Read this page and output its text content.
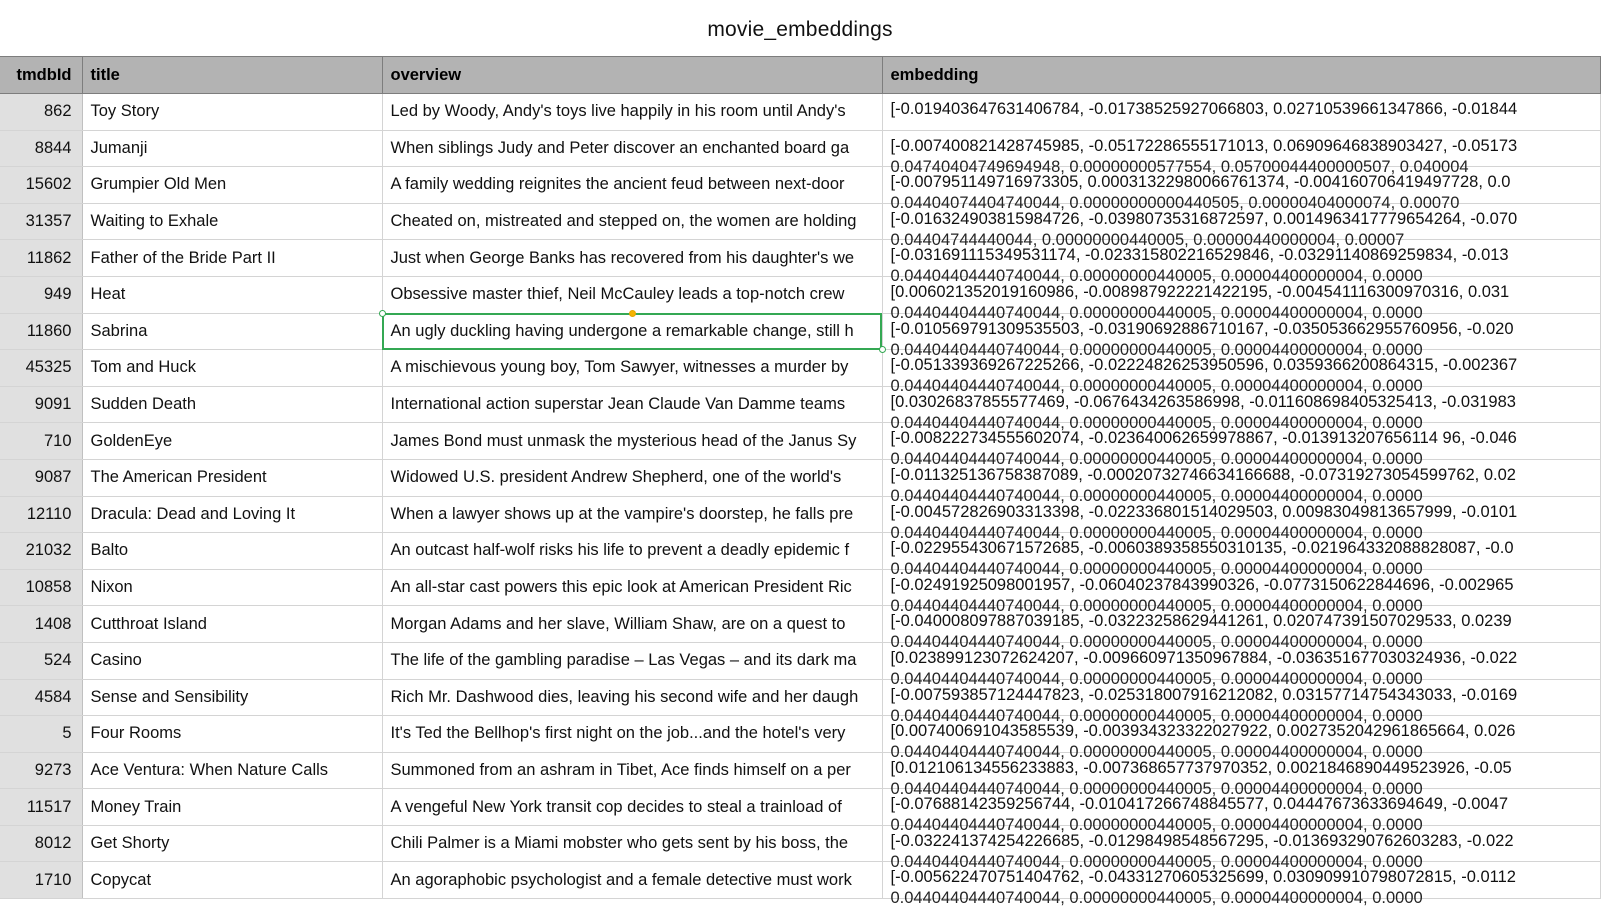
movie_embeddings
tmdbId	title	overview	embedding
862	Toy Story	Led by Woody, Andy's toys live happily in his room until Andy's	[-0.019403647631406784, -0.01738525927066803, 0.02710539661347866, -0.01844

8844	Jumanji	When siblings Judy and Peter discover an enchanted board ga	[-0.007400821428745985, -0.05172286555171013, 0.06909646838903427, -0.05173
0.04740404749694948, 0.00000000577554, 0.05700044400000507, 0.040004

15602	Grumpier Old Men	A family wedding reignites the ancient feud between next-door	[-0.007951149716973305, 0.00031322980066761374, -0.004160706419497728, 0.0
0.04404074404740044, 0.00000000000440505, 0.00000404000074, 0.00070

31357	Waiting to Exhale	Cheated on, mistreated and stepped on, the women are holding	[-0.016324903815984726, -0.03980735316872597, 0.0014963417779654264, -0.070
0.04404744440044, 0.00000000440005, 0.00000440000004, 0.00007

11862	Father of the Bride Part II	Just when George Banks has recovered from his daughter's we	[-0.031691115349531174, -0.023315802216529846, -0.03291140869259834, -0.013
0.04404404440740044, 0.00000000440005, 0.00004400000004, 0.0000

949	Heat	Obsessive master thief, Neil McCauley leads a top-notch crew	[0.006021352019160986, -0.008987922221422195, -0.004541116300970316, 0.031
0.04404404440740044, 0.00000000440005, 0.00004400000004, 0.0000

11860	Sabrina	An ugly duckling having undergone a remarkable change, still h	[-0.010569791309535503, -0.03190692886710167, -0.035053662955760956, -0.020
0.04404404440740044, 0.00000000440005, 0.00004400000004, 0.0000

45325	Tom and Huck	A mischievous young boy, Tom Sawyer, witnesses a murder by	[-0.051339369267225266, -0.02224826253950596, 0.0359366200864315, -0.002367
0.04404404440740044, 0.00000000440005, 0.00004400000004, 0.0000

9091	Sudden Death	International action superstar Jean Claude Van Damme teams	[0.03026837855577469, -0.0676434263586998, -0.011608698405325413, -0.031983
0.04404404440740044, 0.00000000440005, 0.00004400000004, 0.0000

710	GoldenEye	James Bond must unmask the mysterious head of the Janus Sy	[-0.008222734555602074, -0.023640062659978867, -0.013913207656114 96, -0.046
0.04404404440740044, 0.00000000440005, 0.00004400000004, 0.0000

9087	The American President	Widowed U.S. president Andrew Shepherd, one of the world's	[-0.011325136758387089, -0.00020732746634166688, -0.07319273054599762, 0.02
0.04404404440740044, 0.00000000440005, 0.00004400000004, 0.0000

12110	Dracula: Dead and Loving It	When a lawyer shows up at the vampire's doorstep, he falls pre	[-0.004572826903313398, -0.022336801514029503, 0.00983049813657999, -0.0101
0.04404404440740044, 0.00000000440005, 0.00004400000004, 0.0000

21032	Balto	An outcast half-wolf risks his life to prevent a deadly epidemic f	[-0.022955430671572685, -0.0060389358550310135, -0.021964332088828087, -0.0
0.04404404440740044, 0.00000000440005, 0.00004400000004, 0.0000

10858	Nixon	An all-star cast powers this epic look at American President Ric	[-0.02491925098001957, -0.06040237843990326, -0.0773150622844696, -0.002965
0.04404404440740044, 0.00000000440005, 0.00004400000004, 0.0000

1408	Cutthroat Island	Morgan Adams and her slave, William Shaw, are on a quest to	[-0.040008097887039185, -0.03223258629441261, 0.020747391507029533, 0.0239
0.04404404440740044, 0.00000000440005, 0.00004400000004, 0.0000

524	Casino	The life of the gambling paradise – Las Vegas – and its dark ma	[0.023899123072624207, -0.009660971350967884, -0.036351677030324936, -0.022
0.04404404440740044, 0.00000000440005, 0.00004400000004, 0.0000

4584	Sense and Sensibility	Rich Mr. Dashwood dies, leaving his second wife and her daugh	[-0.007593857124447823, -0.025318007916212082, 0.03157714754343033, -0.0169
0.04404404440740044, 0.00000000440005, 0.00004400000004, 0.0000

5	Four Rooms	It's Ted the Bellhop's first night on the job...and the hotel's very	[0.007400691043585539, -0.003934323322027922, 0.0027352042961865664, 0.026
0.04404404440740044, 0.00000000440005, 0.00004400000004, 0.0000

9273	Ace Ventura: When Nature Calls	Summoned from an ashram in Tibet, Ace finds himself on a per	[0.012106134556233883, -0.007368657737970352, 0.0021846890449523926, -0.05
0.04404404440740044, 0.00000000440005, 0.00004400000004, 0.0000

11517	Money Train	A vengeful New York transit cop decides to steal a trainload of	[-0.07688142359256744, -0.010417266748845577, 0.04447673633694649, -0.0047
0.04404404440740044, 0.00000000440005, 0.00004400000004, 0.0000

8012	Get Shorty	Chili Palmer is a Miami mobster who gets sent by his boss, the	[-0.032241374254226685, -0.01298498548567295, -0.013693290762603283, -0.022
0.04404404440740044, 0.00000000440005, 0.00004400000004, 0.0000

1710	Copycat	An agoraphobic psychologist and a female detective must work	[-0.005622470751404762, -0.04331270605325699, 0.030909910798072815, -0.0112
0.04404404440740044, 0.00000000440005, 0.00004400000004, 0.0000
